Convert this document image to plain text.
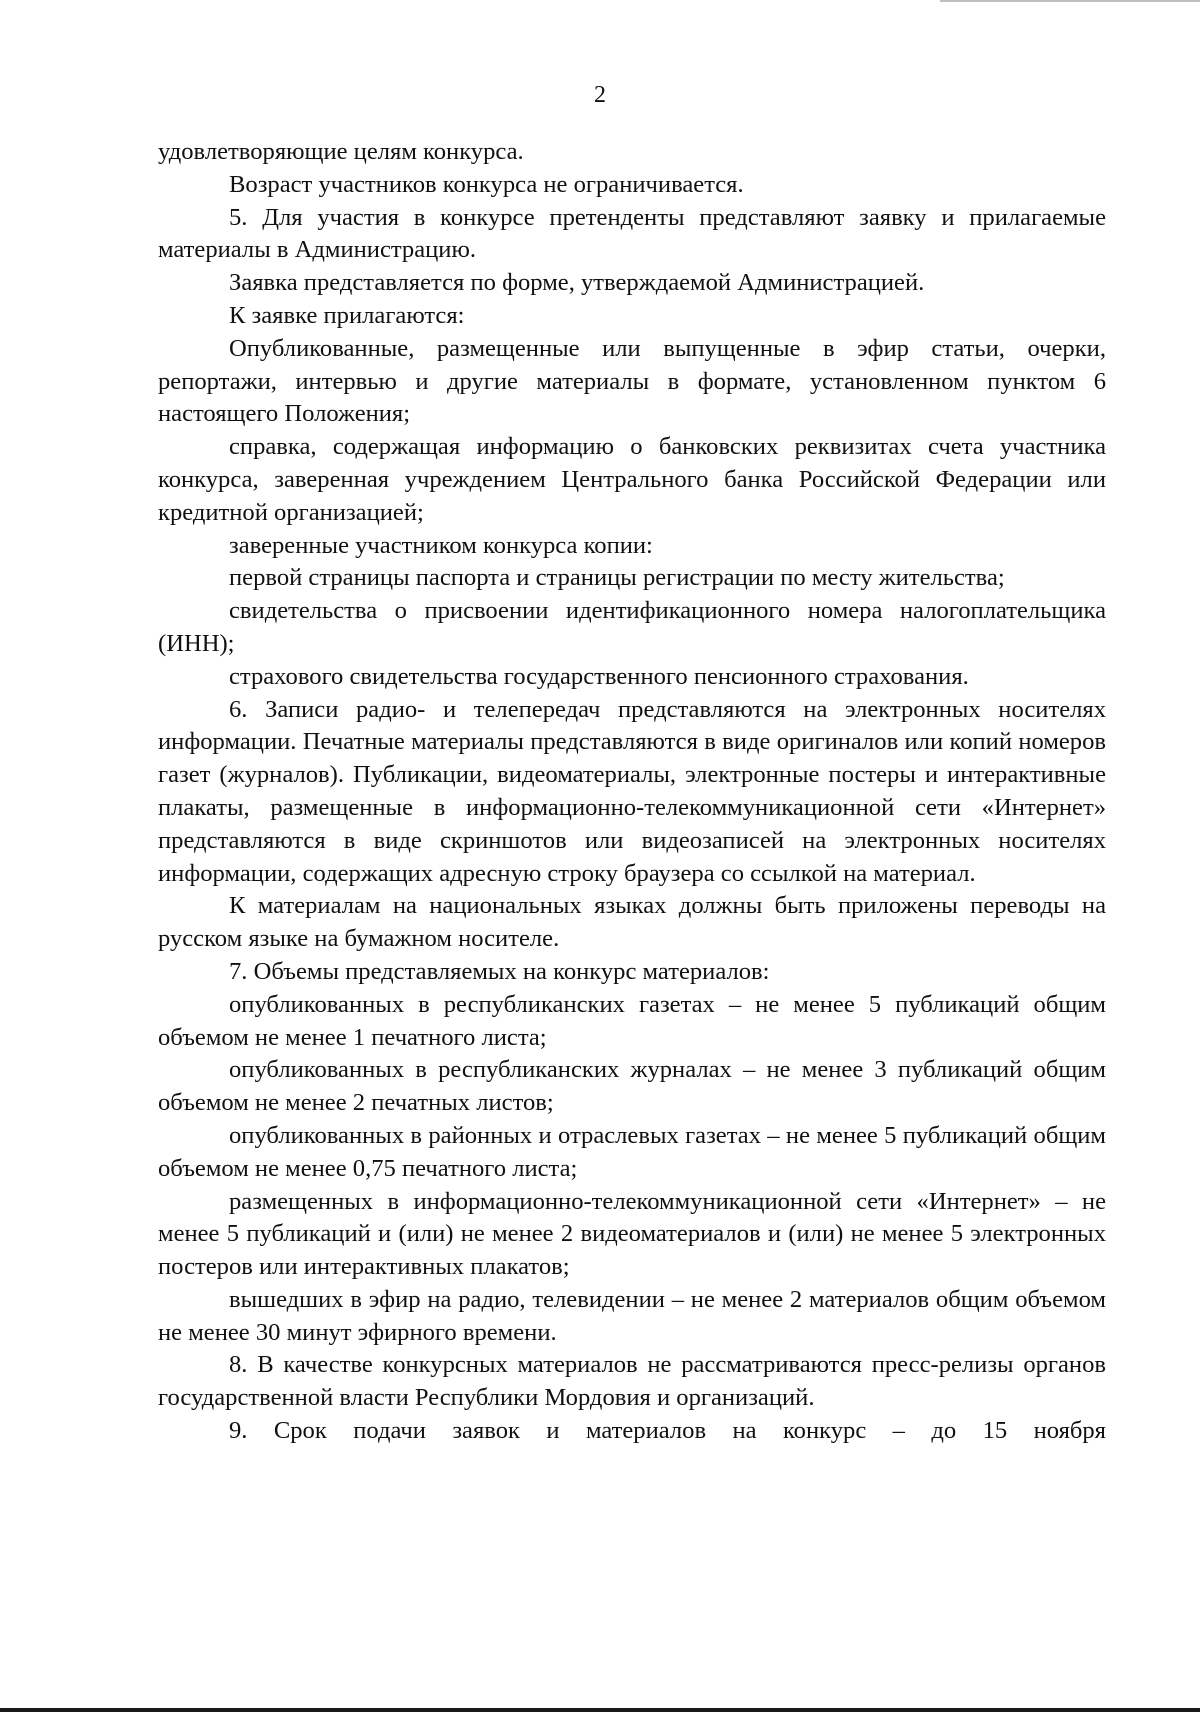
2

удовлетворяющие целям конкурса.

Возраст участников конкурса не ограничивается.

5. Для участия в конкурсе претенденты представляют заявку и прилагаемые материалы в Администрацию.

Заявка представляется по форме, утверждаемой Администрацией.

К заявке прилагаются:

Опубликованные, размещенные или выпущенные в эфир статьи, очерки, репортажи, интервью и другие материалы в формате, установленном пунктом 6 настоящего Положения;

справка, содержащая информацию о банковских реквизитах счета участника конкурса, заверенная учреждением Центрального банка Российской Федерации или кредитной организацией;

заверенные участником конкурса копии:

первой страницы паспорта и страницы регистрации по месту жительства;

свидетельства о присвоении идентификационного номера налогоплательщика (ИНН);

страхового свидетельства государственного пенсионного страхования.

6. Записи радио- и телепередач представляются на электронных носителях информации. Печатные материалы представляются в виде оригиналов или копий номеров газет (журналов). Публикации, видеоматериалы, электронные постеры и интерактивные плакаты, размещенные в информационно-телекоммуникационной сети «Интернет» представляются в виде скриншотов или видеозаписей на электронных носителях информации, содержащих адресную строку браузера со ссылкой на материал.

К материалам на национальных языках должны быть приложены переводы на русском языке на бумажном носителе.

7. Объемы представляемых на конкурс материалов:

опубликованных в республиканских газетах – не менее 5 публикаций общим объемом не менее 1 печатного листа;

опубликованных в республиканских журналах – не менее 3 публикаций общим объемом не менее 2 печатных листов;

опубликованных в районных и отраслевых газетах – не менее 5 публикаций общим объемом не менее 0,75 печатного листа;

размещенных в информационно-телекоммуникационной сети «Интернет» – не менее 5 публикаций и (или) не менее 2 видеоматериалов и (или) не менее 5 электронных постеров или интерактивных плакатов;

вышедших в эфир на радио, телевидении – не менее 2 материалов общим объемом не менее 30 минут эфирного времени.

8. В качестве конкурсных материалов не рассматриваются пресс-релизы органов государственной власти Республики Мордовия и организаций.

9. Срок подачи заявок и материалов на конкурс – до 15 ноября
